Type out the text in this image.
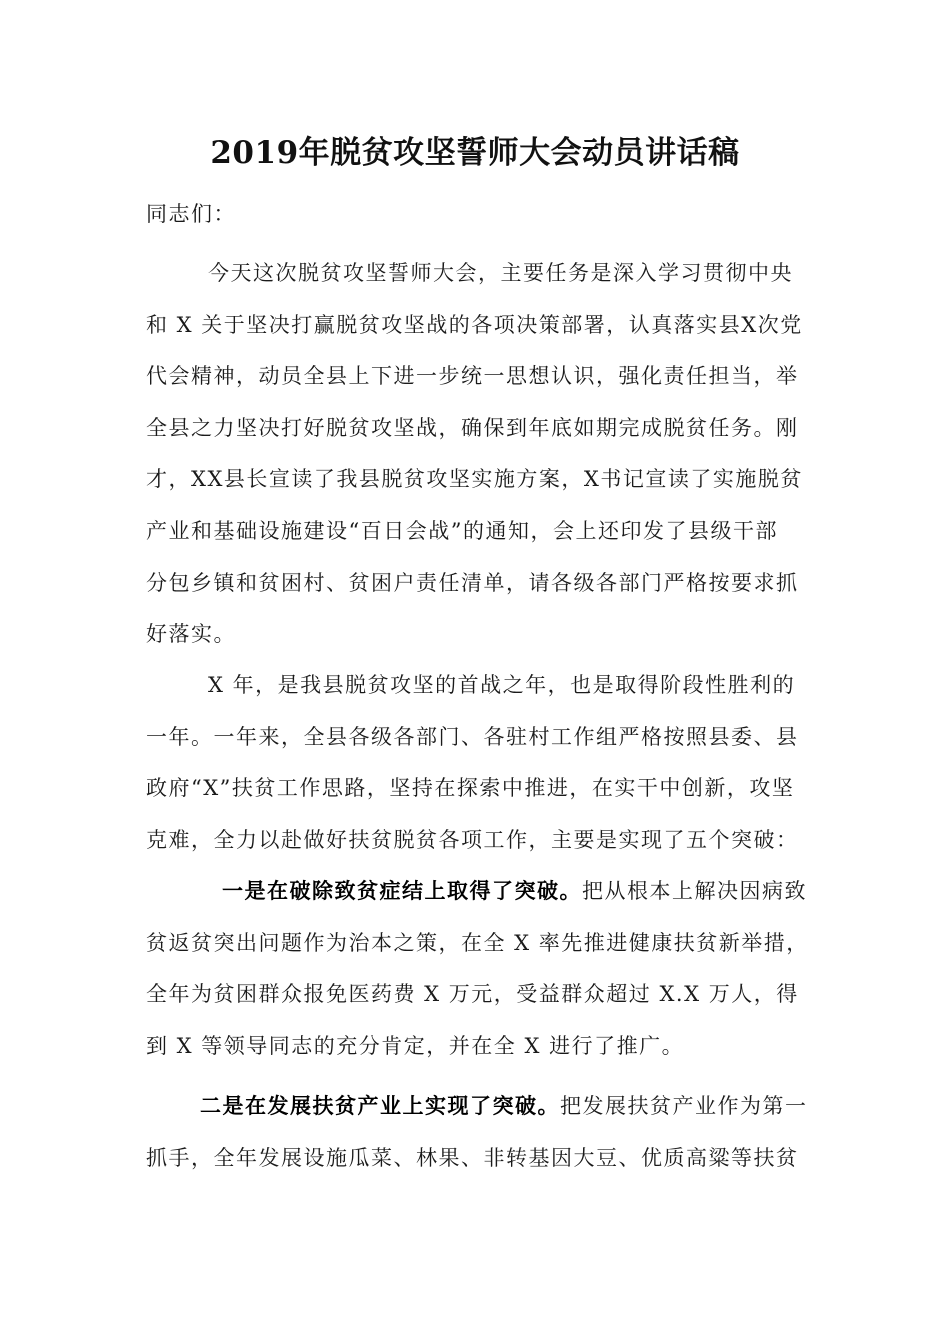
2019年脱贫攻坚誓师大会动员讲话稿
同志们：
今天这次脱贫攻坚誓师大会，主要任务是深入学习贯彻中央
和 X 关于坚决打赢脱贫攻坚战的各项决策部署，认真落实县X次党
代会精神，动员全县上下进一步统一思想认识，强化责任担当，举
全县之力坚决打好脱贫攻坚战，确保到年底如期完成脱贫任务。刚
才，XX县长宣读了我县脱贫攻坚实施方案，X书记宣读了实施脱贫
产业和基础设施建设“百日会战”的通知，会上还印发了县级干部
分包乡镇和贫困村、贫困户责任清单，请各级各部门严格按要求抓
好落实。
X 年，是我县脱贫攻坚的首战之年，也是取得阶段性胜利的
一年。一年来，全县各级各部门、各驻村工作组严格按照县委、县
政府“X”扶贫工作思路，坚持在探索中推进，在实干中创新，攻坚
克难，全力以赴做好扶贫脱贫各项工作，主要是实现了五个突破：
一是在破除致贫症结上取得了突破。把从根本上解决因病致
贫返贫突出问题作为治本之策，在全 X 率先推进健康扶贫新举措，
全年为贫困群众报免医药费 X 万元，受益群众超过 X.X 万人，得
到 X 等领导同志的充分肯定，并在全 X 进行了推广。
二是在发展扶贫产业上实现了突破。把发展扶贫产业作为第一
抓手，全年发展设施瓜菜、林果、非转基因大豆、优质高粱等扶贫
